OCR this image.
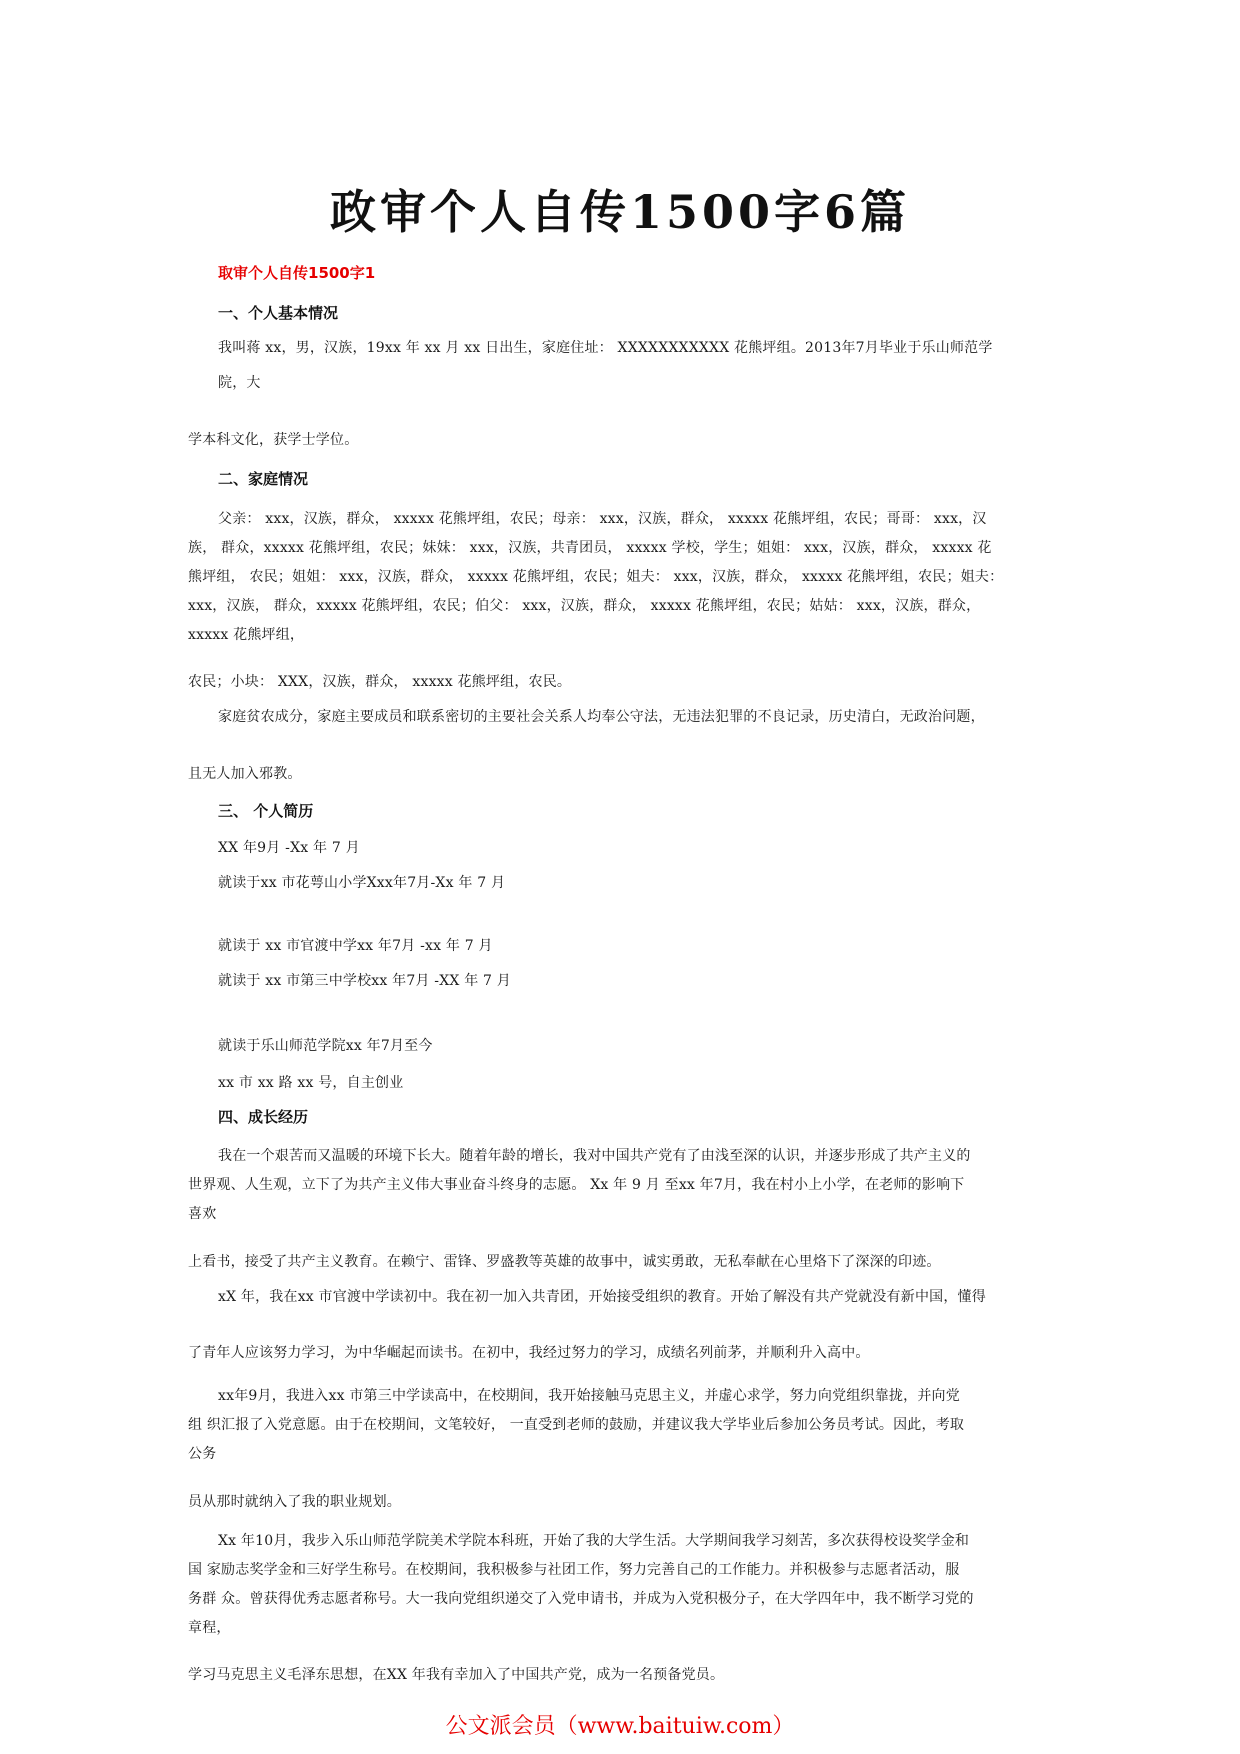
政审个人自传1500字6篇
取审个人自传1500字1
一、个人基本情况
我叫蒋 xx，男，汉族，19xx 年 xx 月 xx 日出生，家庭住址： XXXXXXXXXXX 花熊坪组。2013年7月毕业于乐山师范学
院，大
学本科文化，获学士学位。
二、家庭情况
父亲： xxx，汉族，群众， xxxxx 花熊坪组，农民；母亲： xxx，汉族，群众， xxxxx 花熊坪组，农民；哥哥： xxx，汉
族， 群众，xxxxx 花熊坪组，农民；妹妹： xxx，汉族，共青团员， xxxxx 学校，学生；姐姐： xxx，汉族，群众， xxxxx 花
熊坪组， 农民；姐姐： xxx，汉族，群众， xxxxx 花熊坪组，农民；姐夫： xxx，汉族，群众， xxxxx 花熊坪组，农民；姐夫：
xxx，汉族， 群众，xxxxx 花熊坪组，农民；伯父： xxx，汉族，群众， xxxxx 花熊坪组，农民；姑姑： xxx，汉族，群众，
xxxxx 花熊坪组，
农民；小块： XXX，汉族，群众， xxxxx 花熊坪组，农民。
家庭贫农成分，家庭主要成员和联系密切的主要社会关系人均奉公守法，无违法犯罪的不良记录，历史清白，无政治问题，
且无人加入邪教。
三、 个人简历
XX 年9月 -Xx 年 7 月
就读于xx 市花萼山小学Xxx年7月-Xx 年 7 月
就读于 xx 市官渡中学xx 年7月 -xx 年 7 月
就读于 xx 市第三中学校xx 年7月 -XX 年 7 月
就读于乐山师范学院xx 年7月至今
xx 市 xx 路 xx 号，自主创业
四、成长经历
我在一个艰苦而又温暖的环境下长大。随着年龄的增长，我对中国共产党有了由浅至深的认识，并逐步形成了共产主义的
世界观、人生观，立下了为共产主义伟大事业奋斗终身的志愿。 Xx 年 9 月 至xx 年7月，我在村小上小学，在老师的影响下
喜欢
上看书，接受了共产主义教育。在赖宁、雷锋、罗盛教等英雄的故事中，诚实勇敢，无私奉献在心里烙下了深深的印迹。
xX 年，我在xx 市官渡中学读初中。我在初一加入共青团，开始接受组织的教育。开始了解没有共产党就没有新中国，懂得
了青年人应该努力学习，为中华崛起而读书。在初中，我经过努力的学习，成绩名列前茅，并顺利升入高中。
xx年9月，我进入xx 市第三中学读高中，在校期间，我开始接触马克思主义，并虚心求学，努力向党组织靠拢，并向党
组 织汇报了入党意愿。由于在校期间，文笔较好， 一直受到老师的鼓励，并建议我大学毕业后参加公务员考试。因此，考取
公务
员从那时就纳入了我的职业规划。
Xx 年10月，我步入乐山师范学院美术学院本科班，开始了我的大学生活。大学期间我学习刻苦，多次获得校设奖学金和
国 家励志奖学金和三好学生称号。在校期间，我积极参与社团工作，努力完善自己的工作能力。并积极参与志愿者活动，服
务群 众。曾获得优秀志愿者称号。大一我向党组织递交了入党申请书，并成为入党积极分子，在大学四年中，我不断学习党的
章程，
学习马克思主义毛泽东思想，在XX 年我有幸加入了中国共产党，成为一名预备党员。
公文派会员（www.baituiw.com）
